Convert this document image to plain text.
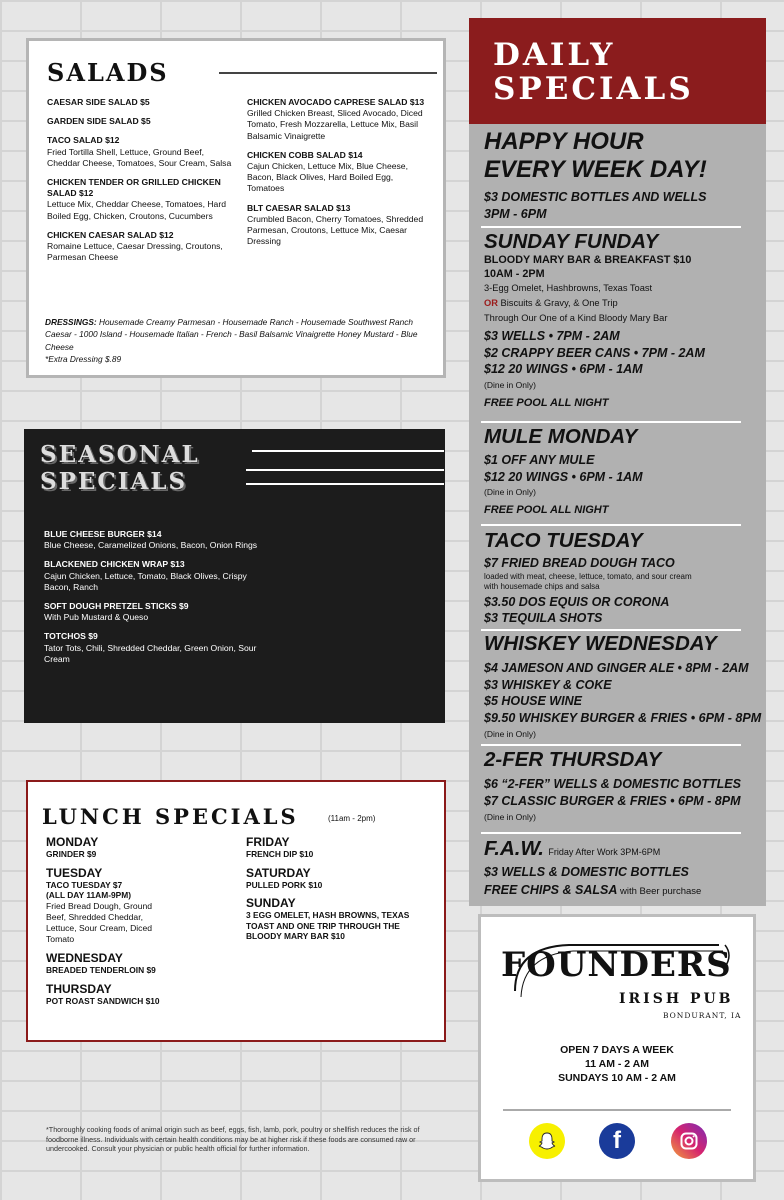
SALADS
CAESAR SIDE SALAD $5
GARDEN SIDE SALAD $5
TACO SALAD $12
Fried Tortilla Shell, Lettuce, Ground Beef, Cheddar Cheese, Tomatoes, Sour Cream, Salsa
CHICKEN TENDER OR GRILLED CHICKEN SALAD $12
Lettuce Mix, Cheddar Cheese, Tomatoes, Hard Boiled Egg, Chicken, Croutons, Cucumbers
CHICKEN CAESAR SALAD $12
Romaine Lettuce, Caesar Dressing, Croutons, Parmesan Cheese
CHICKEN AVOCADO CAPRESE SALAD $13
Grilled Chicken Breast, Sliced Avocado, Diced Tomato, Fresh Mozzarella, Lettuce Mix, Basil Balsamic Vinaigrette
CHICKEN COBB SALAD $14
Cajun Chicken, Lettuce Mix, Blue Cheese, Bacon, Black Olives, Hard Boiled Egg, Tomatoes
BLT CAESAR SALAD $13
Crumbled Bacon, Cherry Tomatoes, Shredded Parmesan, Croutons, Lettuce Mix, Caesar Dressing
DRESSINGS: Housemade Creamy Parmesan - Housemade Ranch - Housemade Southwest Ranch Caesar - 1000 Island - Housemade Italian - French - Basil Balsamic Vinaigrette Honey Mustard - Blue Cheese
*Extra Dressing $.89
SEASONAL
SPECIALS
BLUE CHEESE BURGER $14
Blue Cheese, Caramelized Onions, Bacon, Onion Rings
BLACKENED CHICKEN WRAP $13
Cajun Chicken, Lettuce, Tomato, Black Olives, Crispy Bacon, Ranch
SOFT DOUGH PRETZEL STICKS $9
With Pub Mustard & Queso
TOTCHOS $9
Tator Tots, Chili, Shredded Cheddar, Green Onion, Sour Cream
LUNCH SPECIALS	(11am - 2pm)
MONDAY
GRINDER $9
TUESDAY
TACO TUESDAY $7
(ALL DAY 11AM-9PM)
Fried Bread Dough, Ground Beef, Shredded Cheddar, Lettuce, Sour Cream, Diced Tomato
WEDNESDAY
BREADED TENDERLOIN $9
THURSDAY
POT ROAST SANDWICH $10
FRIDAY
FRENCH DIP $10
SATURDAY
PULLED PORK $10
SUNDAY
3 EGG OMELET, HASH BROWNS, TEXAS TOAST AND ONE TRIP THROUGH THE BLOODY MARY BAR $10
*Thoroughly cooking foods of animal origin such as beef, eggs, fish, lamb, pork, poultry or shellfish reduces the risk of foodborne illness. Individuals with certain health conditions may be at higher risk if these foods are consumed raw or undercooked. Consult your physician or public health official for further information.
DAILY
SPECIALS
HAPPY HOUR
EVERY WEEK DAY!
$3 DOMESTIC BOTTLES AND WELLS
3PM - 6PM
SUNDAY FUNDAY
BLOODY MARY BAR & BREAKFAST $10
10AM - 2PM
3-Egg Omelet, Hashbrowns, Texas Toast
OR Biscuits & Gravy, & One Trip
Through Our One of a Kind Bloody Mary Bar
$3 WELLS • 7PM - 2AM
$2 CRAPPY BEER CANS • 7PM - 2AM
$12 20 WINGS • 6PM - 1AM
(Dine in Only)
FREE POOL ALL NIGHT
MULE MONDAY
$1 OFF ANY MULE
$12 20 WINGS • 6PM - 1AM
(Dine in Only)
FREE POOL ALL NIGHT
TACO TUESDAY
$7 FRIED BREAD DOUGH TACO
loaded with meat, cheese, lettuce, tomato, and sour cream
with housemade chips and salsa
$3.50 DOS EQUIS OR CORONA
$3 TEQUILA SHOTS
WHISKEY WEDNESDAY
$4 JAMESON AND GINGER ALE • 8PM - 2AM
$3 WHISKEY & COKE
$5 HOUSE WINE
$9.50 WHISKEY BURGER & FRIES • 6PM - 8PM
(Dine in Only)
2-FER THURSDAY
$6 “2-FER” WELLS & DOMESTIC BOTTLES
$7 CLASSIC BURGER & FRIES • 6PM - 8PM
(Dine in Only)
F.A.W. Friday After Work 3PM-6PM
$3 WELLS & DOMESTIC BOTTLES
FREE CHIPS & SALSA with Beer purchase
FOUNDERS
IRISH PUB
BONDURANT, IA
OPEN 7 DAYS A WEEK
11 AM - 2 AM
SUNDAYS 10 AM - 2 AM
f
